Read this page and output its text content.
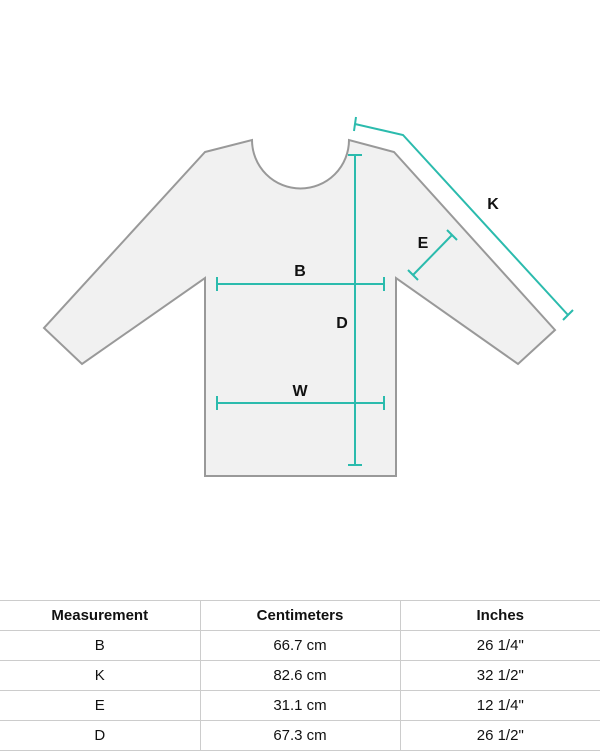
B
W
D
E
K
Measurement	Centimeters	Inches
B	66.7 cm	26 1/4"
K	82.6 cm	32 1/2"
E	31.1 cm	12 1/4"
D	67.3 cm	26 1/2"
